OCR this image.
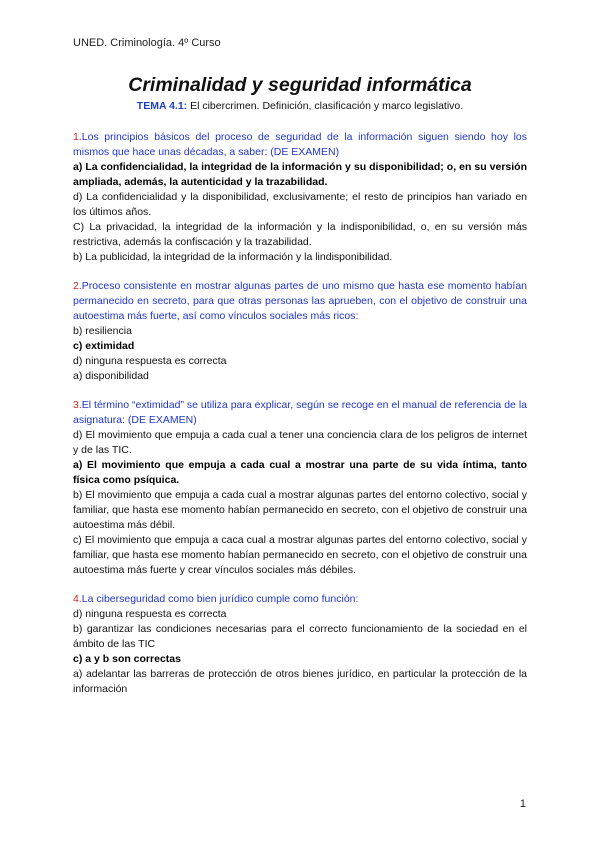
UNED. Criminología. 4º Curso
Criminalidad y seguridad informática
TEMA 4.1: El cibercrimen. Definición, clasificación y marco legislativo.

1.Los principios básicos del proceso de seguridad de la información siguen siendo hoy los mismos que hace unas décadas, a saber: (DE EXAMEN)

a) La confidencialidad, la integridad de la información y su disponibilidad; o, en su versión ampliada, además, la autenticidad y la trazabilidad.

d) La confidencialidad y la disponibilidad, exclusivamente; el resto de principios han variado en los últimos años.

C) La privacidad, la integridad de la información y la indisponibilidad, o, en su versión más restrictiva, además la confiscación y la trazabilidad.

b) La publicidad, la integridad de la información y la lindisponibilidad.

2.Proceso consistente en mostrar algunas partes de uno mismo que hasta ese momento habían permanecido en secreto, para que otras personas las aprueben, con el objetivo de construir una autoestima más fuerte, así como vínculos sociales más ricos:

b) resiliencia

c) extimidad

d) ninguna respuesta es correcta

a) disponibilidad

3.El término “extimidad” se utiliza para explicar, según se recoge en el manual de referencia de la asignatura: (DE EXAMEN)

d) El movimiento que empuja a cada cual a tener una conciencia clara de los peligros de internet y de las TIC.

a) El movimiento que empuja a cada cual a mostrar una parte de su vida íntima, tanto física como psíquica.

b) El movimiento que empuja a cada cual a mostrar algunas partes del entorno colectivo, social y familiar, que hasta ese momento habían permanecido en secreto, con el objetivo de construir una autoestima más débil.

c) El movimiento que empuja a caca cual a mostrar algunas partes del entorno colectivo, social y familiar, que hasta ese momento habían permanecido en secreto, con el objetivo de construir una autoestima más fuerte y crear vínculos sociales más débiles.

4.La ciberseguridad como bien jurídico cumple como función:

d) ninguna respuesta es correcta

b) garantizar las condiciones necesarias para el correcto funcionamiento de la sociedad en el ámbito de las TIC

c) a y b son correctas

a) adelantar las barreras de protección de otros bienes jurídico, en particular la protección de la información

1
